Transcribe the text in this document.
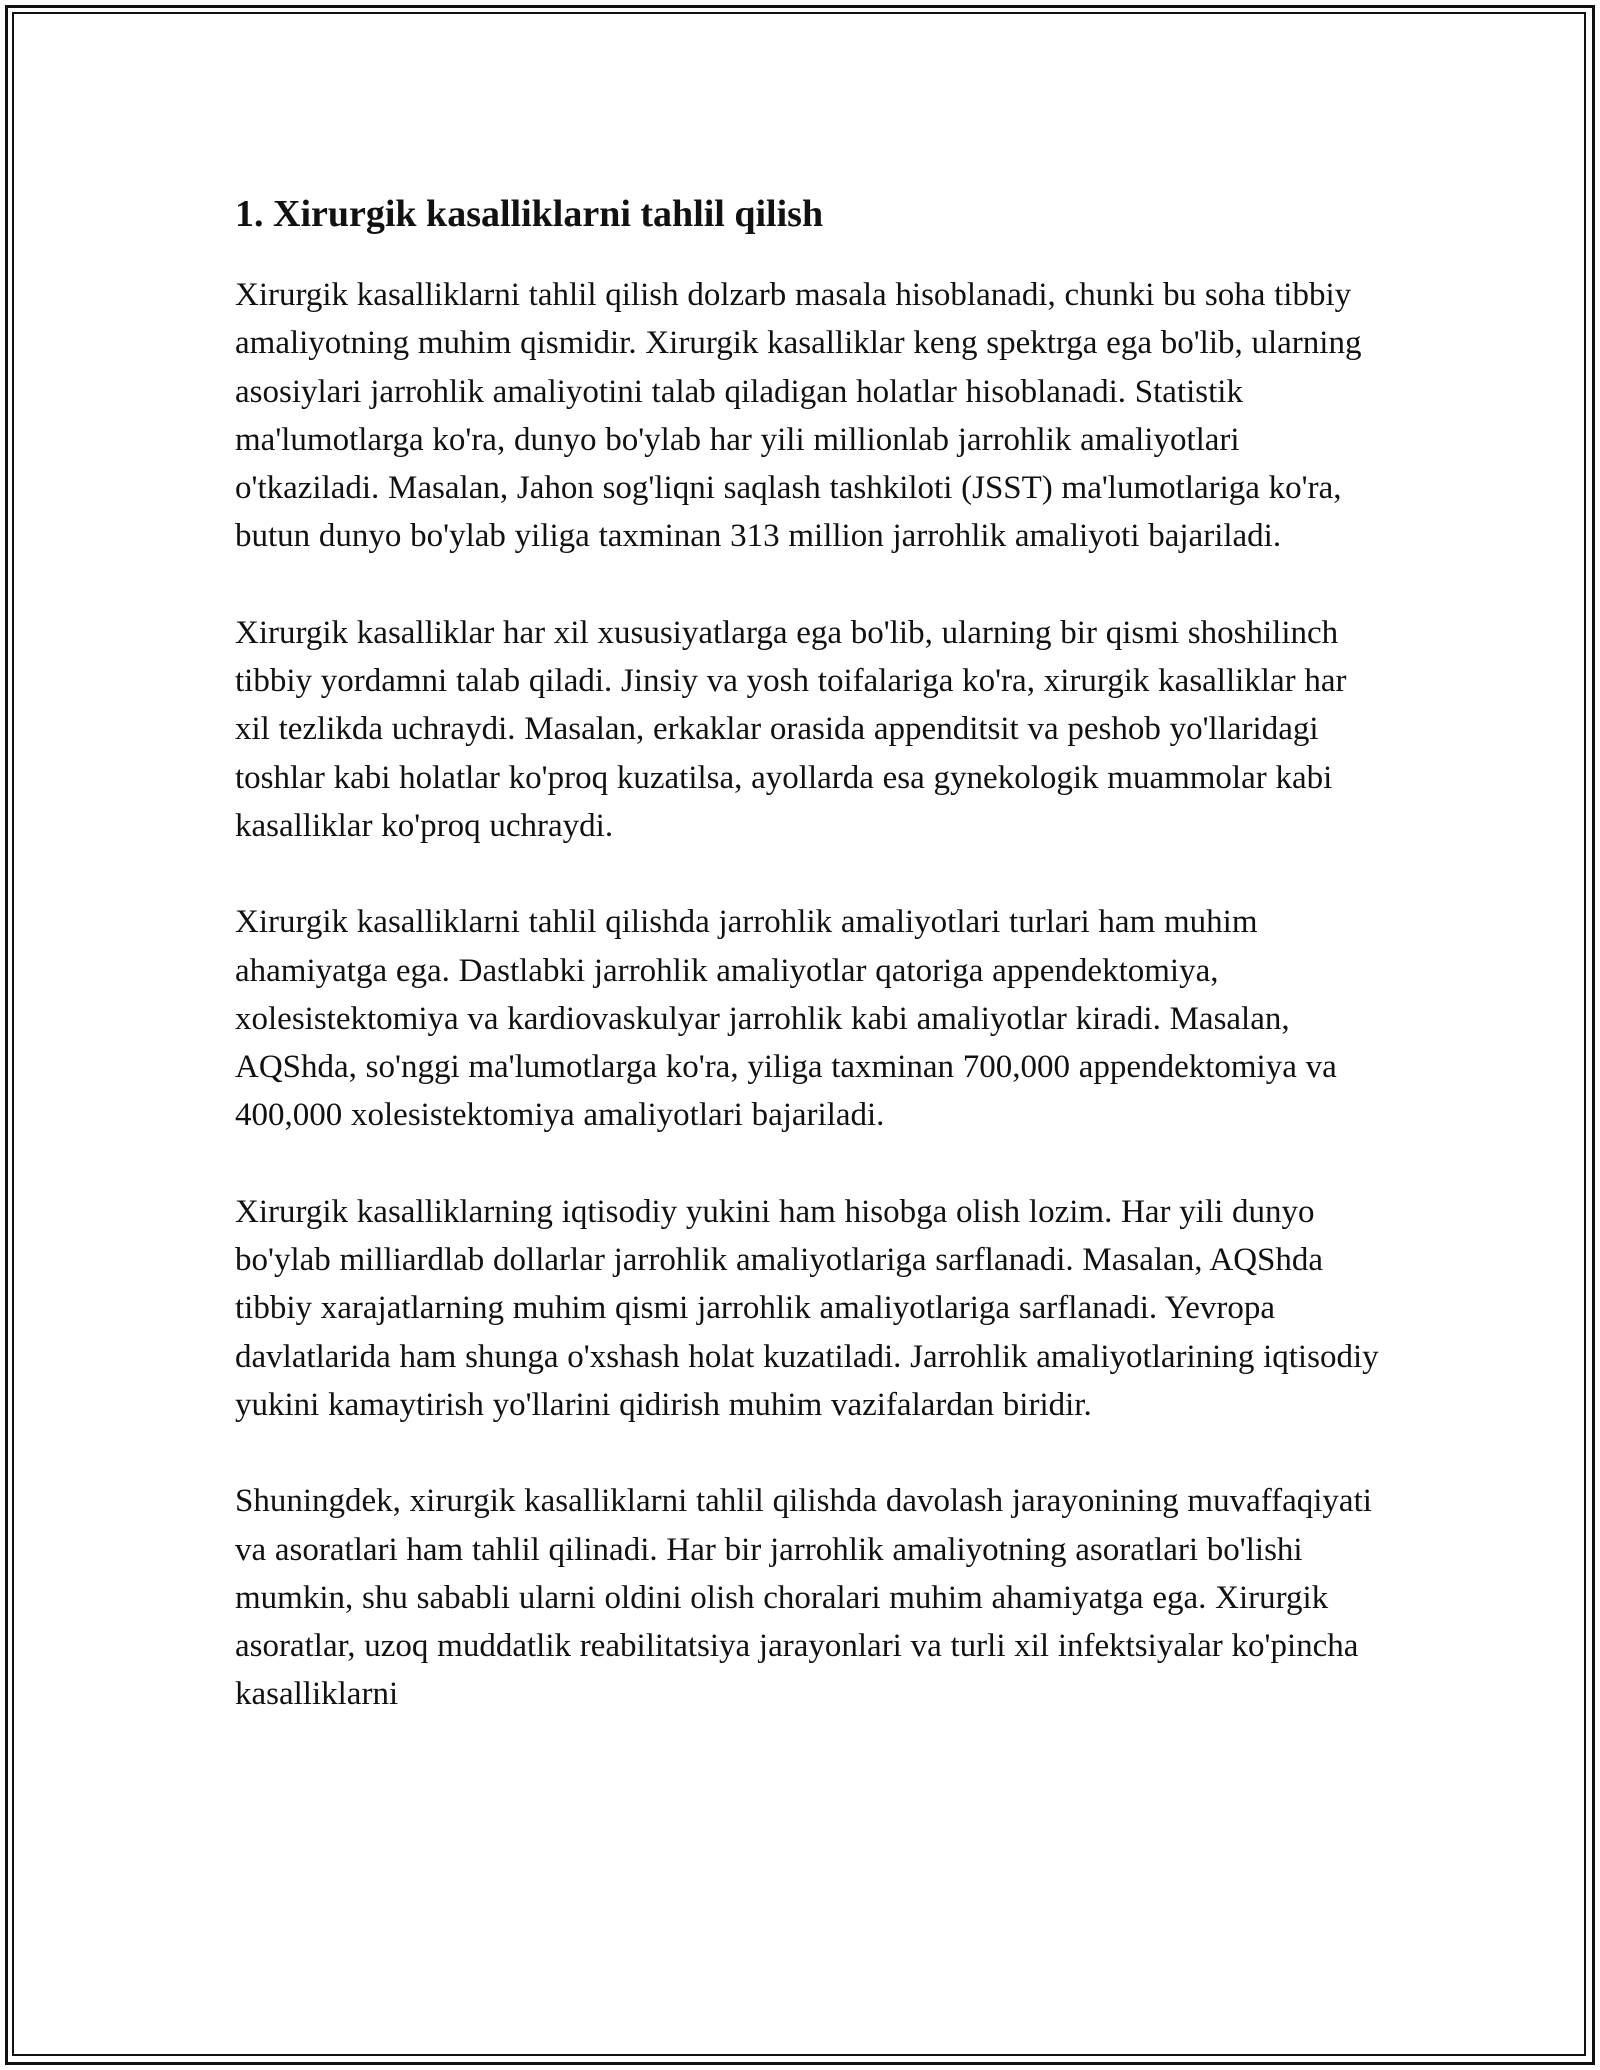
1. Xirurgik kasalliklarni tahlil qilish

Xirurgik kasalliklarni tahlil qilish dolzarb masala hisoblanadi, chunki bu soha tibbiy amaliyotning muhim qismidir. Xirurgik kasalliklar keng spektrga ega bo'lib, ularning asosiylari jarrohlik amaliyotini talab qiladigan holatlar hisoblanadi. Statistik ma'lumotlarga ko'ra, dunyo bo'ylab har yili millionlab jarrohlik amaliyotlari o'tkaziladi. Masalan, Jahon sog'liqni saqlash tashkiloti (JSST) ma'lumotlariga ko'ra, butun dunyo bo'ylab yiliga taxminan 313 million jarrohlik amaliyoti bajariladi.

Xirurgik kasalliklar har xil xususiyatlarga ega bo'lib, ularning bir qismi shoshilinch tibbiy yordamni talab qiladi. Jinsiy va yosh toifalariga ko'ra, xirurgik kasalliklar har xil tezlikda uchraydi. Masalan, erkaklar orasida appenditsit va peshob yo'llaridagi toshlar kabi holatlar ko'proq kuzatilsa, ayollarda esa gynekologik muammolar kabi kasalliklar ko'proq uchraydi.

Xirurgik kasalliklarni tahlil qilishda jarrohlik amaliyotlari turlari ham muhim ahamiyatga ega. Dastlabki jarrohlik amaliyotlar qatoriga appendektomiya, xolesistektomiya va kardiovaskulyar jarrohlik kabi amaliyotlar kiradi. Masalan, AQShda, so'nggi ma'lumotlarga ko'ra, yiliga taxminan 700,000 appendektomiya va 400,000 xolesistektomiya amaliyotlari bajariladi.

Xirurgik kasalliklarning iqtisodiy yukini ham hisobga olish lozim. Har yili dunyo bo'ylab milliardlab dollarlar jarrohlik amaliyotlariga sarflanadi. Masalan, AQShda tibbiy xarajatlarning muhim qismi jarrohlik amaliyotlariga sarflanadi. Yevropa davlatlarida ham shunga o'xshash holat kuzatiladi. Jarrohlik amaliyotlarining iqtisodiy yukini kamaytirish yo'llarini qidirish muhim vazifalardan biridir.

Shuningdek, xirurgik kasalliklarni tahlil qilishda davolash jarayonining muvaffaqiyati va asoratlari ham tahlil qilinadi. Har bir jarrohlik amaliyotning asoratlari bo'lishi mumkin, shu sababli ularni oldini olish choralari muhim ahamiyatga ega. Xirurgik asoratlar, uzoq muddatlik reabilitatsiya jarayonlari va turli xil infektsiyalar ko'pincha kasalliklarni
